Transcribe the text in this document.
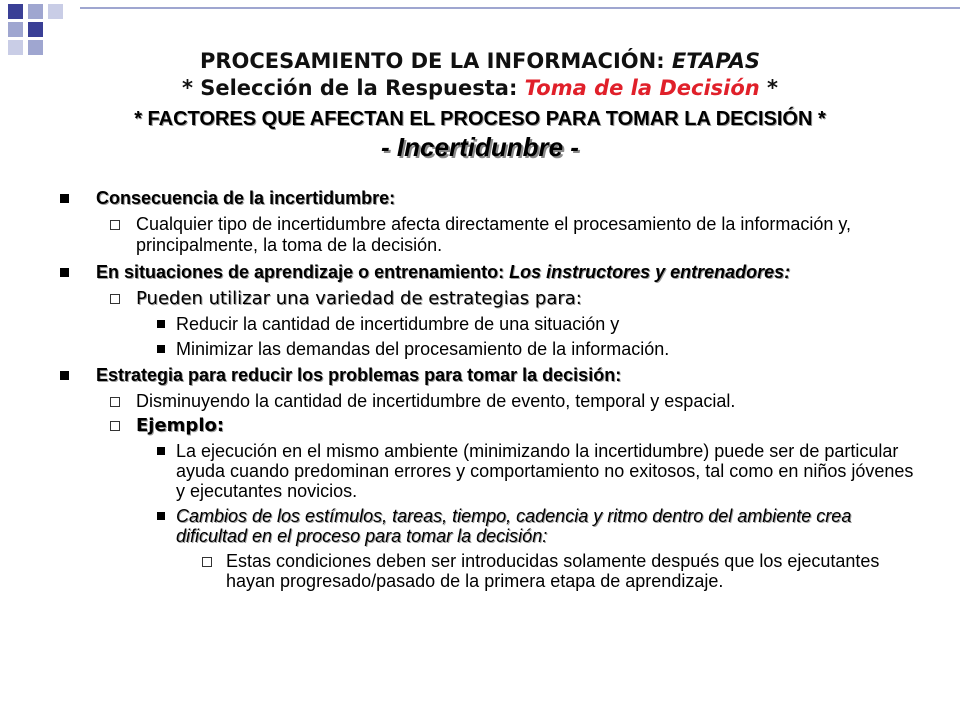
PROCESAMIENTO DE LA INFORMACIÓN: ETAPAS
* Selección de la Respuesta: Toma de la Decisión *
* FACTORES QUE AFECTAN EL PROCESO PARA TOMAR LA DECISIÓN *
- Incertidunbre -
Consecuencia de la incertidumbre:
Cualquier tipo de incertidumbre afecta directamente el procesamiento de la información y, principalmente, la toma de la decisión.
En situaciones de aprendizaje o entrenamiento: Los instructores y entrenadores:
Pueden utilizar una variedad de estrategias para:
Reducir la cantidad de incertidumbre de una situación y
Minimizar las demandas del procesamiento de la información.
Estrategia para reducir los problemas para tomar la decisión:
Disminuyendo la cantidad de incertidumbre de evento, temporal y espacial.
Ejemplo:
La ejecución en el mismo ambiente (minimizando la incertidumbre) puede ser de particular ayuda cuando predominan errores y comportamiento no exitosos, tal como en niños jóvenes y ejecutantes novicios.
Cambios de los estímulos, tareas, tiempo, cadencia y ritmo dentro del ambiente crea dificultad en el proceso para tomar la decisión:
Estas condiciones deben ser introducidas solamente después que los ejecutantes hayan progresado/pasado de la primera etapa de aprendizaje.
